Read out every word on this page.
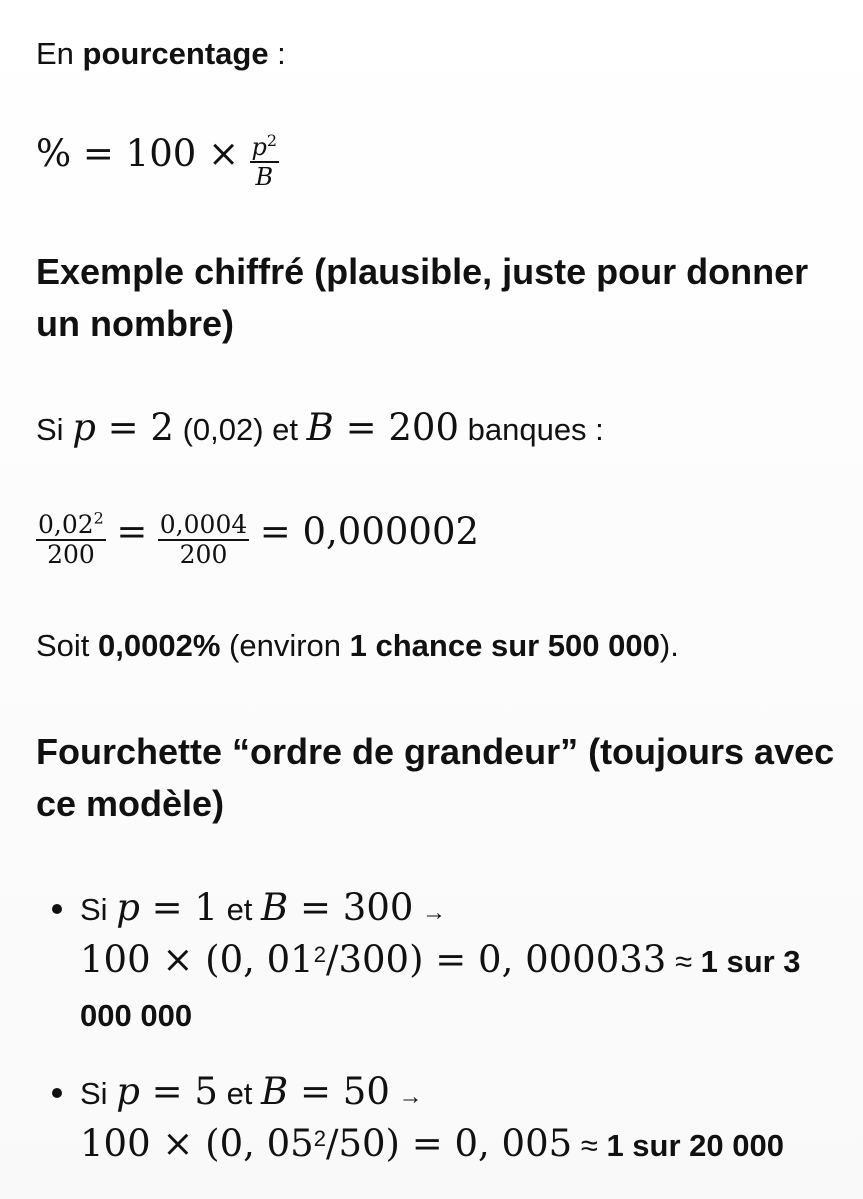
En pourcentage :
% = $100 \times \frac{p^2}{B}$
Exemple chiffré (plausible, juste pour donner un nombre)
Si p = 2 (0,02) et B = 200 banques :
$\frac{0,02^2}{200} = \frac{0,0004}{200} = 0,000002$
Soit 0,0002% (environ 1 chance sur 500 000).
Fourchette “ordre de grandeur” (toujours avec ce modèle)
Si p = 1 et B = 300 →
100 × (0, 012/300) = 0, 000033 ≈ 1 sur 3
000 000
Si p = 5 et B = 50 →
100 × (0, 052/50) = 0, 005 ≈ 1 sur 20 000
